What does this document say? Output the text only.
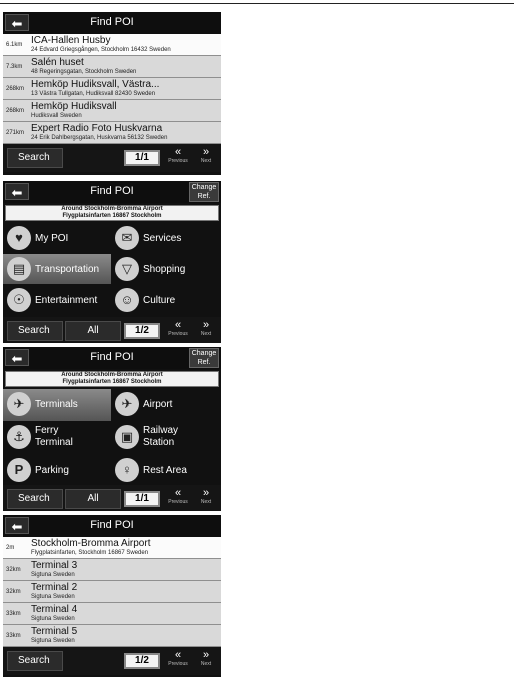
⬅	Find POI
6.1km ICA-Hallen Husby
24 Edvard Griegsgången, Stockholm 16432 Sweden
7.3km Salén huset
48 Regeringsgatan, Stockholm Sweden
268km Hemköp Hudiksvall, Västra...
13 Västra Tullgatan, Hudiksvall 82430 Sweden
268km Hemköp Hudiksvall
Hudiksvall Sweden
271km Expert Radio Foto Huskvarna
24 Erik Dahlbergsgatan, Huskvarna 56132 Sweden
Search	1/1	«
Previous
»
Next
⬅	Find POI	Change Ref.
Around Stockholm-Bromma Airport
Flygplatsinfarten 16867 Stockholm
♥	My POI	✉	Services
▤ Transportation	▽	Shopping
☉	Entertainment	☺ Culture
Search	All	1/2	«
Previous
»
Next
⬅	Find POI	Change Ref.
Around Stockholm-Bromma Airport
Flygplatsinfarten 16867 Stockholm
✈	Terminals	✈	Airport
⚓	Ferry
Terminal	▣ Railway
Station
P	Parking	♀	Rest Area
Search	All	1/1	«
Previous
»
Next
⬅	Find POI
2m Stockholm-Bromma Airport
Flygplatsinfarten, Stockholm 16867 Sweden
32km Terminal 3
Sigtuna Sweden
32km Terminal 2
Sigtuna Sweden
33km Terminal 4
Sigtuna Sweden
33km Terminal 5
Sigtuna Sweden
Search	1/2	«
Previous
»
Next
